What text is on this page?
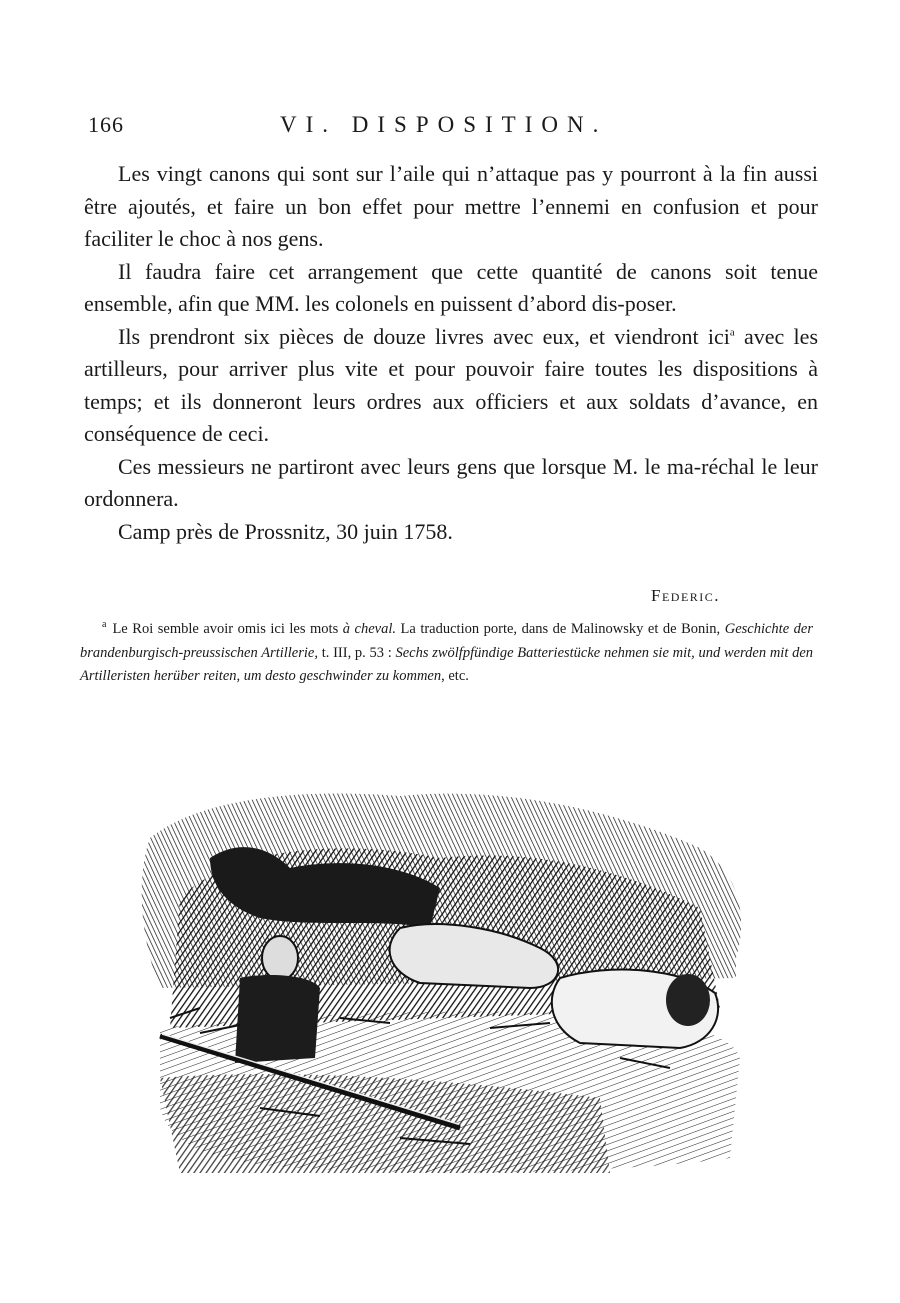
166	VI. DISPOSITION.

Les vingt canons qui sont sur l’aile qui n’attaque pas y pourront à la fin aussi être ajoutés, et faire un bon effet pour mettre l’ennemi en confusion et pour faciliter le choc à nos gens.

Il faudra faire cet arrangement que cette quantité de canons soit tenue ensemble, afin que MM. les colonels en puissent d’abord dis-poser.

Ils prendront six pièces de douze livres avec eux, et viendront ici$^a$ avec les artilleurs, pour arriver plus vite et pour pouvoir faire toutes les dispositions à temps; et ils donneront leurs ordres aux officiers et aux soldats d’avance, en conséquence de ceci.

Ces messieurs ne partiront avec leurs gens que lorsque M. le ma-réchal le leur ordonnera.

Camp près de Prossnitz, 30 juin 1758.

Federic.

$^a$ Le Roi semble avoir omis ici les mots à cheval. La traduction porte, dans de Malinowsky et de Bonin, Geschichte der brandenburgisch-preussischen Artillerie, t. III, p. 53 : Sechs zwölfpfündige Batteriestücke nehmen sie mit, und werden mit den Artilleristen herüber reiten, um desto geschwinder zu kommen, etc.
